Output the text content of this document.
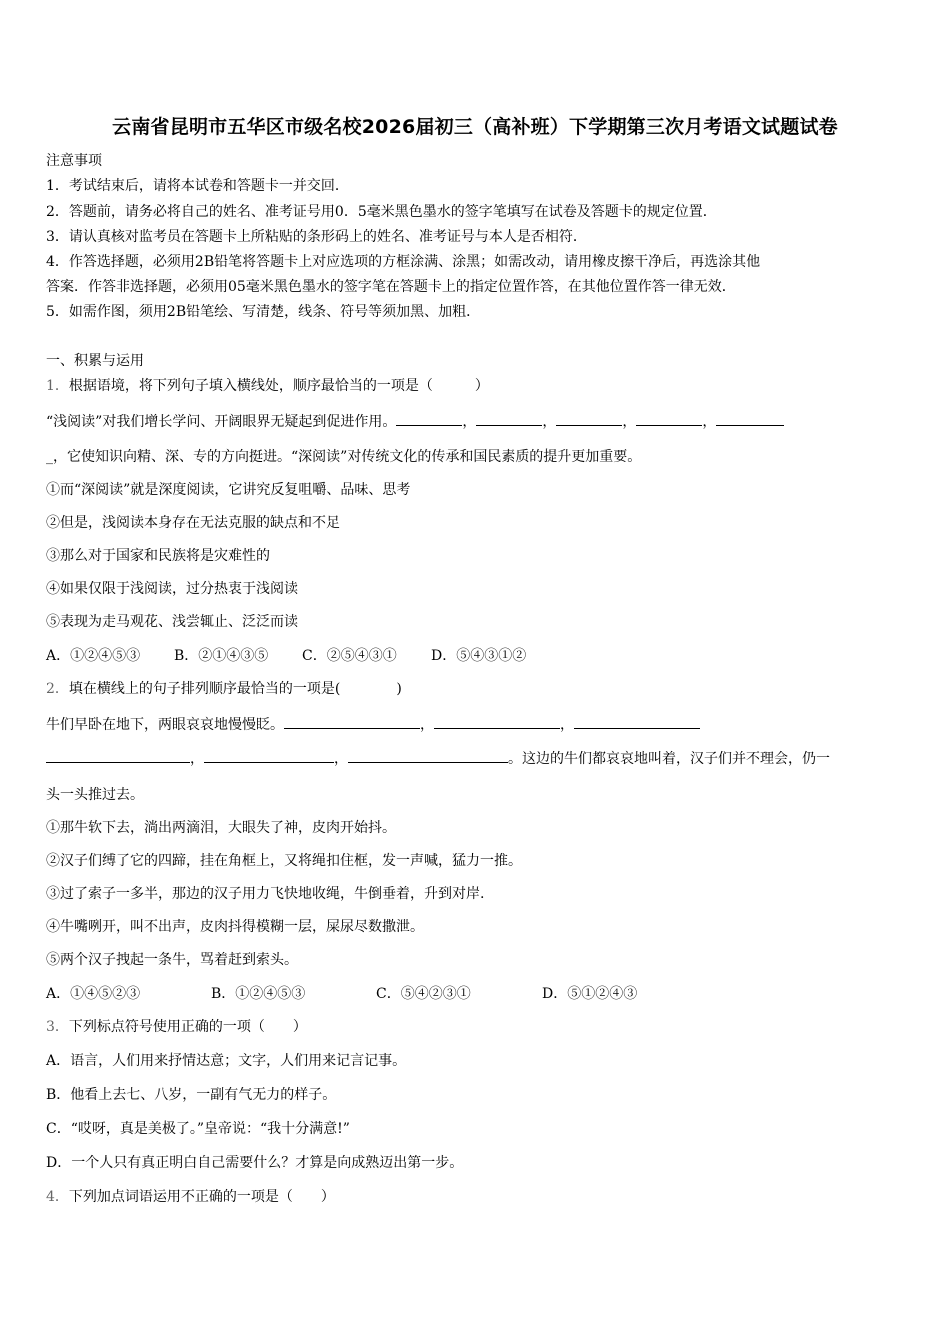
云南省昆明市五华区市级名校2026届初三（高补班）下学期第三次月考语文试题试卷
注意事项
1．考试结束后，请将本试卷和答题卡一并交回．
2．答题前，请务必将自己的姓名、准考证号用0．5毫米黑色墨水的签字笔填写在试卷及答题卡的规定位置．
3．请认真核对监考员在答题卡上所粘贴的条形码上的姓名、准考证号与本人是否相符．
4．作答选择题，必须用2B铅笔将答题卡上对应选项的方框涂满、涂黑；如需改动，请用橡皮擦干净后，再选涂其他
答案．作答非选择题，必须用05毫米黑色墨水的签字笔在答题卡上的指定位置作答，在其他位置作答一律无效．
5．如需作图，须用2B铅笔绘、写清楚，线条、符号等须加黑、加粗．
一、积累与运用
1．根据语境，将下列句子填入横线处，顺序最恰当的一项是（　　　）
“浅阅读”对我们增长学问、开阔眼界无疑起到促进作用。	，	，	，	，
_，它使知识向精、深、专的方向挺进。“深阅读”对传统文化的传承和国民素质的提升更加重要。
①而“深阅读”就是深度阅读，它讲究反复咀嚼、品味、思考
②但是，浅阅读本身存在无法克服的缺点和不足
③那么对于国家和民族将是灾难性的
④如果仅限于浅阅读，过分热衷于浅阅读
⑤表现为走马观花、浅尝辄止、泛泛而读
A．①②④⑤③ B．②①④③⑤ C．②⑤④③① D．⑤④③①②
2．填在横线上的句子排列顺序最恰当的一项是(　　　　)
牛们早卧在地下，两眼哀哀地慢慢眨。	，	，
，	，	。这边的牛们都哀哀地叫着，汉子们并不理会，仍一
头一头推过去。
①那牛软下去，淌出两滴泪，大眼失了神，皮肉开始抖。
②汉子们缚了它的四蹄，挂在角框上，又将绳扣住框，发一声喊，猛力一推。
③过了索子一多半，那边的汉子用力飞快地收绳，牛倒垂着，升到对岸.
④牛嘴咧开，叫不出声，皮肉抖得模糊一层，屎尿尽数撒泄。
⑤两个汉子拽起一条牛，骂着赶到索头。
A．①④⑤②③	B．①②④⑤③	C．⑤④②③①	D．⑤①②④③
3．下列标点符号使用正确的一项（　　）
A．语言，人们用来抒情达意；文字，人们用来记言记事。
B．他看上去七、八岁，一副有气无力的样子。
C．“哎呀，真是美极了。”皇帝说：“我十分满意!”
D．一个人只有真正明白自己需要什么？才算是向成熟迈出第一步。
4．下列加点词语运用不正确的一项是（　　）
